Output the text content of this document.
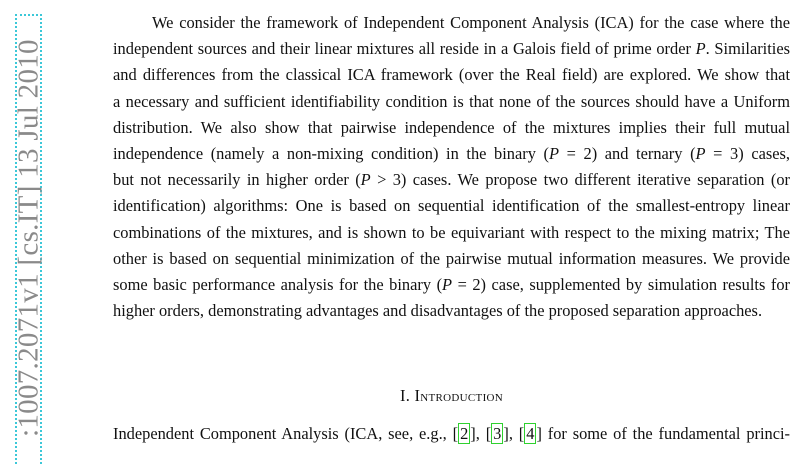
:1007.2071v1 [cs.IT] 13 Jul 2010
We consider the framework of Independent Component Analysis (ICA) for the case where the
independent sources and their linear mixtures all reside in a Galois field of prime order P. Similarities
and differences from the classical ICA framework (over the Real field) are explored. We show that
a necessary and sufficient identifiability condition is that none of the sources should have a Uniform
distribution. We also show that pairwise independence of the mixtures implies their full mutual
independence (namely a non-mixing condition) in the binary (P = 2) and ternary (P = 3) cases,
but not necessarily in higher order (P > 3) cases. We propose two different iterative separation (or
identification) algorithms: One is based on sequential identification of the smallest-entropy linear
combinations of the mixtures, and is shown to be equivariant with respect to the mixing matrix; The
other is based on sequential minimization of the pairwise mutual information measures. We provide
some basic performance analysis for the binary (P = 2) case, supplemented by simulation results for
higher orders, demonstrating advantages and disadvantages of the proposed separation approaches.
I. Introduction
Independent Component Analysis (ICA, see, e.g., [ 2 ], [ 3 ], [ 4 ] for some of the fundamental princi-
